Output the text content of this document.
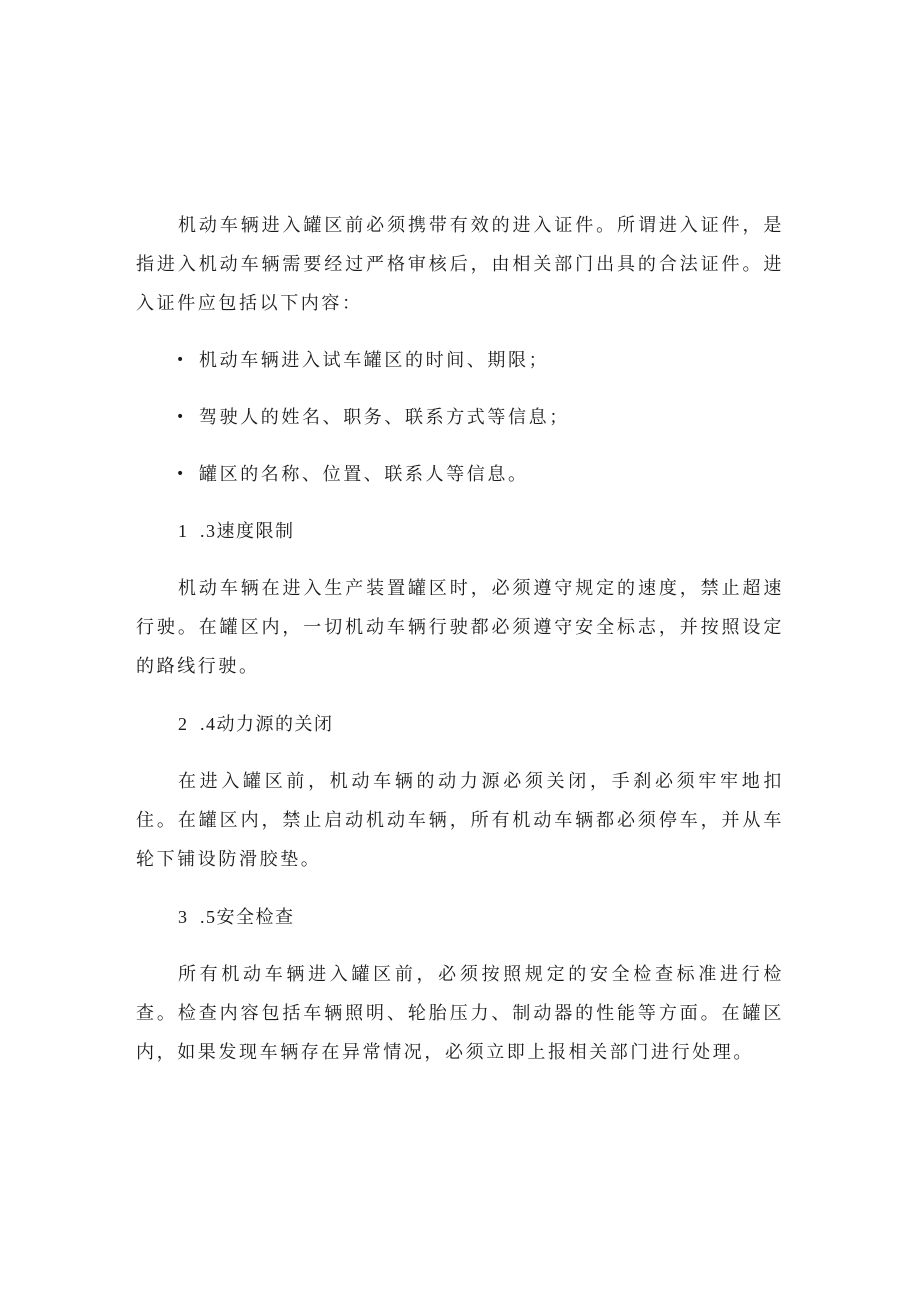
机动车辆进入罐区前必须携带有效的进入证件。所谓进入证件，是指进入机动车辆需要经过严格审核后，由相关部门出具的合法证件。进入证件应包括以下内容：

• 机动车辆进入试车罐区的时间、期限；

• 驾驶人的姓名、职务、联系方式等信息；

• 罐区的名称、位置、联系人等信息。

1 .3速度限制

机动车辆在进入生产装置罐区时，必须遵守规定的速度，禁止超速行驶。在罐区内，一切机动车辆行驶都必须遵守安全标志，并按照设定的路线行驶。

2 .4动力源的关闭

在进入罐区前，机动车辆的动力源必须关闭，手刹必须牢牢地扣住。在罐区内，禁止启动机动车辆，所有机动车辆都必须停车，并从车轮下铺设防滑胶垫。

3 .5安全检查

所有机动车辆进入罐区前，必须按照规定的安全检查标准进行检查。检查内容包括车辆照明、轮胎压力、制动器的性能等方面。在罐区内，如果发现车辆存在异常情况，必须立即上报相关部门进行处理。
